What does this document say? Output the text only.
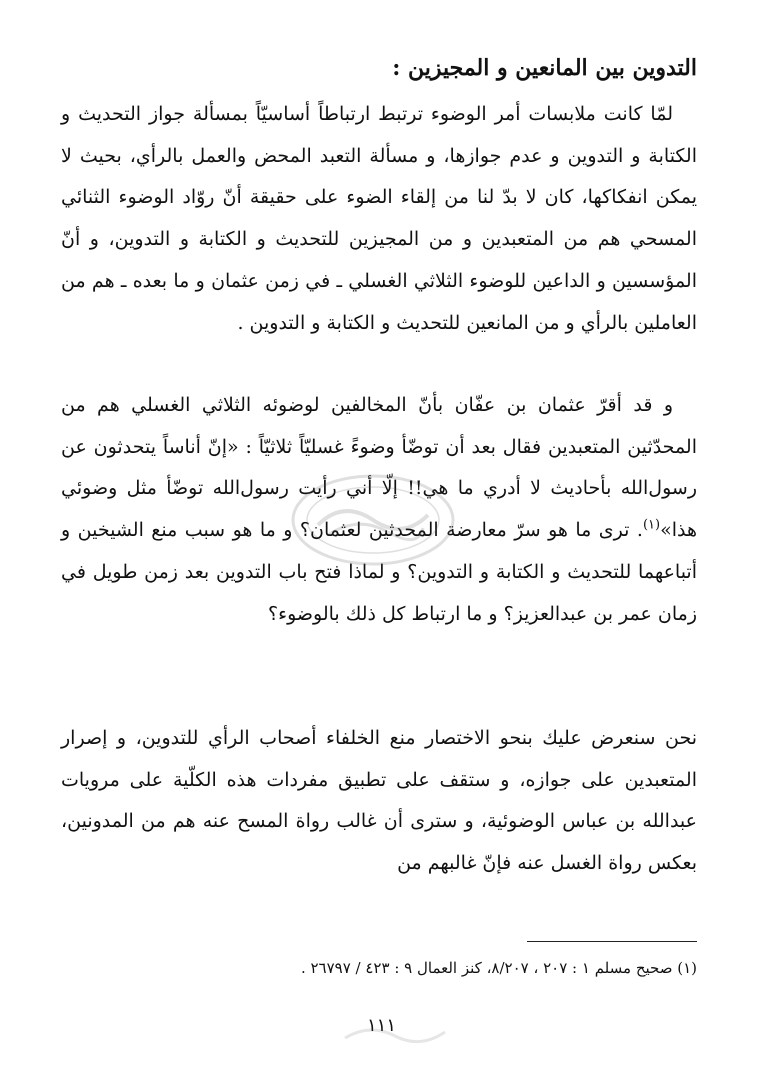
التدوين بين المانعين و المجيزين :
لمّا كانت ملابسات أمر الوضوء ترتبط ارتباطاً أساسيّاً بمسألة جواز التحديث و الكتابة و التدوين و عدم جوازها، و مسألة التعبد المحض والعمل بالرأي، بحيث لا يمكن انفكاكها، كان لا بدّ لنا من إلقاء الضوء على حقيقة أنّ روّاد الوضوء الثنائي المسحي هم من المتعبدين و من المجيزين للتحديث و الكتابة و التدوين، و أنّ المؤسسين و الداعين للوضوء الثلاثي الغسلي ـ في زمن عثمان و ما بعده ـ هم من العاملين بالرأي و من المانعين للتحديث و الكتابة و التدوين .
و قد أقرّ عثمان بن عفّان بأنّ المخالفين لوضوئه الثلاثي الغسلي هم من المحدّثين المتعبدين فقال بعد أن توضّأ وضوءً غسليّاً ثلاثيّاً : «إنّ أناساً يتحدثون عن رسول‌الله بأحاديث لا أدري ما هي!! إلّا أني رأيت رسول‌الله توضّأ مثل وضوئي هذا»$^{(١)}$. ترى ما هو سرّ معارضة المحدثين لعثمان؟ و ما هو سبب منع الشيخين و أتباعهما للتحديث و الكتابة و التدوين؟ و لماذا فتح باب التدوين بعد زمن طويل في زمان عمر بن عبدالعزيز؟ و ما ارتباط كل ذلك بالوضوء؟
نحن سنعرض عليك بنحو الاختصار منع الخلفاء أصحاب الرأي للتدوين، و إصرار المتعبدين على جوازه، و ستقف على تطبيق مفردات هذه الكلّية على مرويات عبدالله بن عباس الوضوئية، و سترى أن غالب رواة المسح عنه هم من المدونين، بعكس رواة الغسل عنه فإنّ غالبهم من
(١) صحيح مسلم ١ : ٢٠٧ ، ٨/٢٠٧، كنز العمال ٩ : ٤٢٣ / ٢٦٧٩٧ .
١١١
